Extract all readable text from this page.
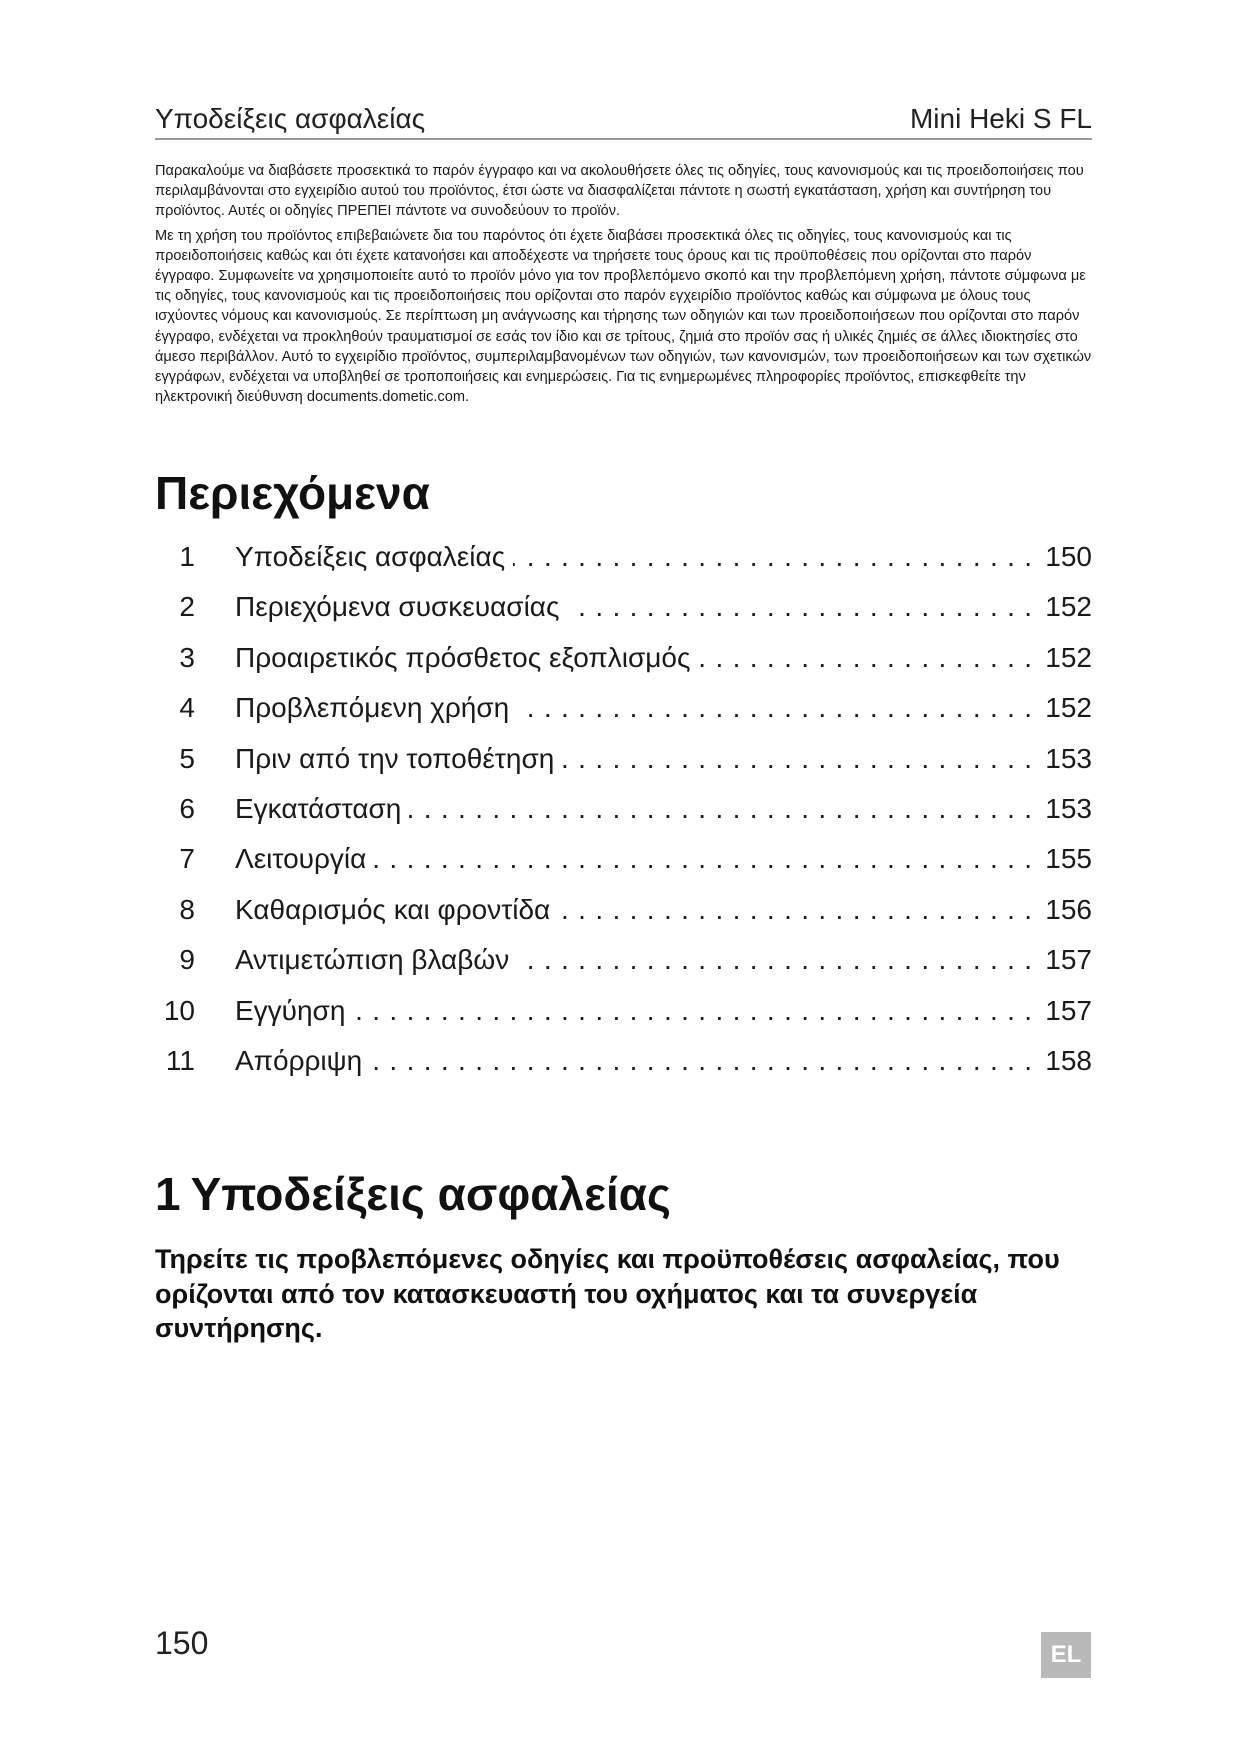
Υποδείξεις ασφαλείας	Mini Heki S FL

Παρακαλούμε να διαβάσετε προσεκτικά το παρόν έγγραφο και να ακολουθήσετε όλες τις οδηγίες, τους κανονισμούς και τις προειδοποιήσεις που περιλαμβάνονται στο εγχειρίδιο αυτού του προϊόντος, έτσι ώστε να διασφαλίζεται πάντοτε η σωστή εγκατάσταση, χρήση και συντήρηση του προϊόντος. Αυτές οι οδηγίες ΠΡΕΠΕΙ πάντοτε να συνοδεύουν το προϊόν.

Με τη χρήση του προϊόντος επιβεβαιώνετε δια του παρόντος ότι έχετε διαβάσει προσεκτικά όλες τις οδηγίες, τους κανονισμούς και τις προειδοποιήσεις καθώς και ότι έχετε κατανοήσει και αποδέχεστε να τηρήσετε τους όρους και τις προϋποθέσεις που ορίζονται στο παρόν έγγραφο. Συμφωνείτε να χρησιμοποιείτε αυτό το προϊόν μόνο για τον προβλεπόμενο σκοπό και την προβλεπόμενη χρήση, πάντοτε σύμφωνα με τις οδηγίες, τους κανονισμούς και τις προειδοποιήσεις που ορίζονται στο παρόν εγχειρίδιο προϊόντος καθώς και σύμφωνα με όλους τους ισχύοντες νόμους και κανονισμούς. Σε περίπτωση μη ανάγνωσης και τήρησης των οδηγιών και των προειδοποιήσεων που ορίζονται στο παρόν έγγραφο, ενδέχεται να προκληθούν τραυματισμοί σε εσάς τον ίδιο και σε τρίτους, ζημιά στο προϊόν σας ή υλικές ζημιές σε άλλες ιδιοκτησίες στο άμεσο περιβάλλον. Αυτό το εγχειρίδιο προϊόντος, συμπεριλαμβανομένων των οδηγιών, των κανονισμών, των προειδοποιήσεων και των σχετικών εγγράφων, ενδέχεται να υποβληθεί σε τροποποιήσεις και ενημερώσεις. Για τις ενημερωμένες πληροφορίες προϊόντος, επισκεφθείτε την ηλεκτρονική διεύθυνση documents.dometic.com.

Περιεχόμενα
1 . . . Υποδείξεις ασφαλείας	150
2 . . . Περιεχόμενα συσκευασίας	152
3 . . . Προαιρετικός πρόσθετος εξοπλισμός	152
4 . . . Προβλεπόμενη χρήση	152
5 . . . Πριν από την τοποθέτηση	153
6 . . . Εγκατάσταση	153
7 . . . Λειτουργία	155
8 . . . Καθαρισμός και φροντίδα	156
9 . . . Αντιμετώπιση βλαβών	157
10 . . . Εγγύηση	157
11 . . . Απόρριψη	158
1 Υποδείξεις ασφαλείας

Τηρείτε τις προβλεπόμενες οδηγίες και προϋποθέσεις ασφαλείας, που ορίζονται από τον κατασκευαστή του οχήματος και τα συνεργεία συντήρησης.

150	EL
